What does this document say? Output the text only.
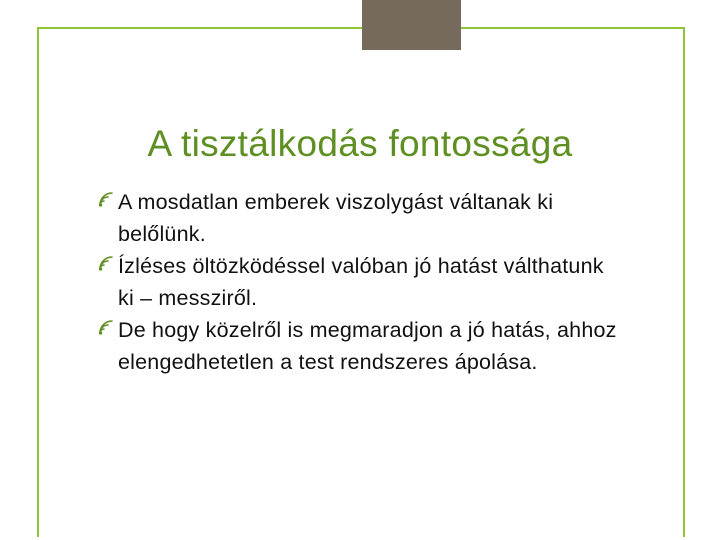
A tisztálkodás fontossága
A mosdatlan emberek viszolygást váltanak ki belőlünk.
Ízléses öltözködéssel valóban jó hatást válthatunk ki – messziről.
De hogy közelről is megmaradjon a jó hatás, ahhoz elengedhetetlen a test rendszeres ápolása.
